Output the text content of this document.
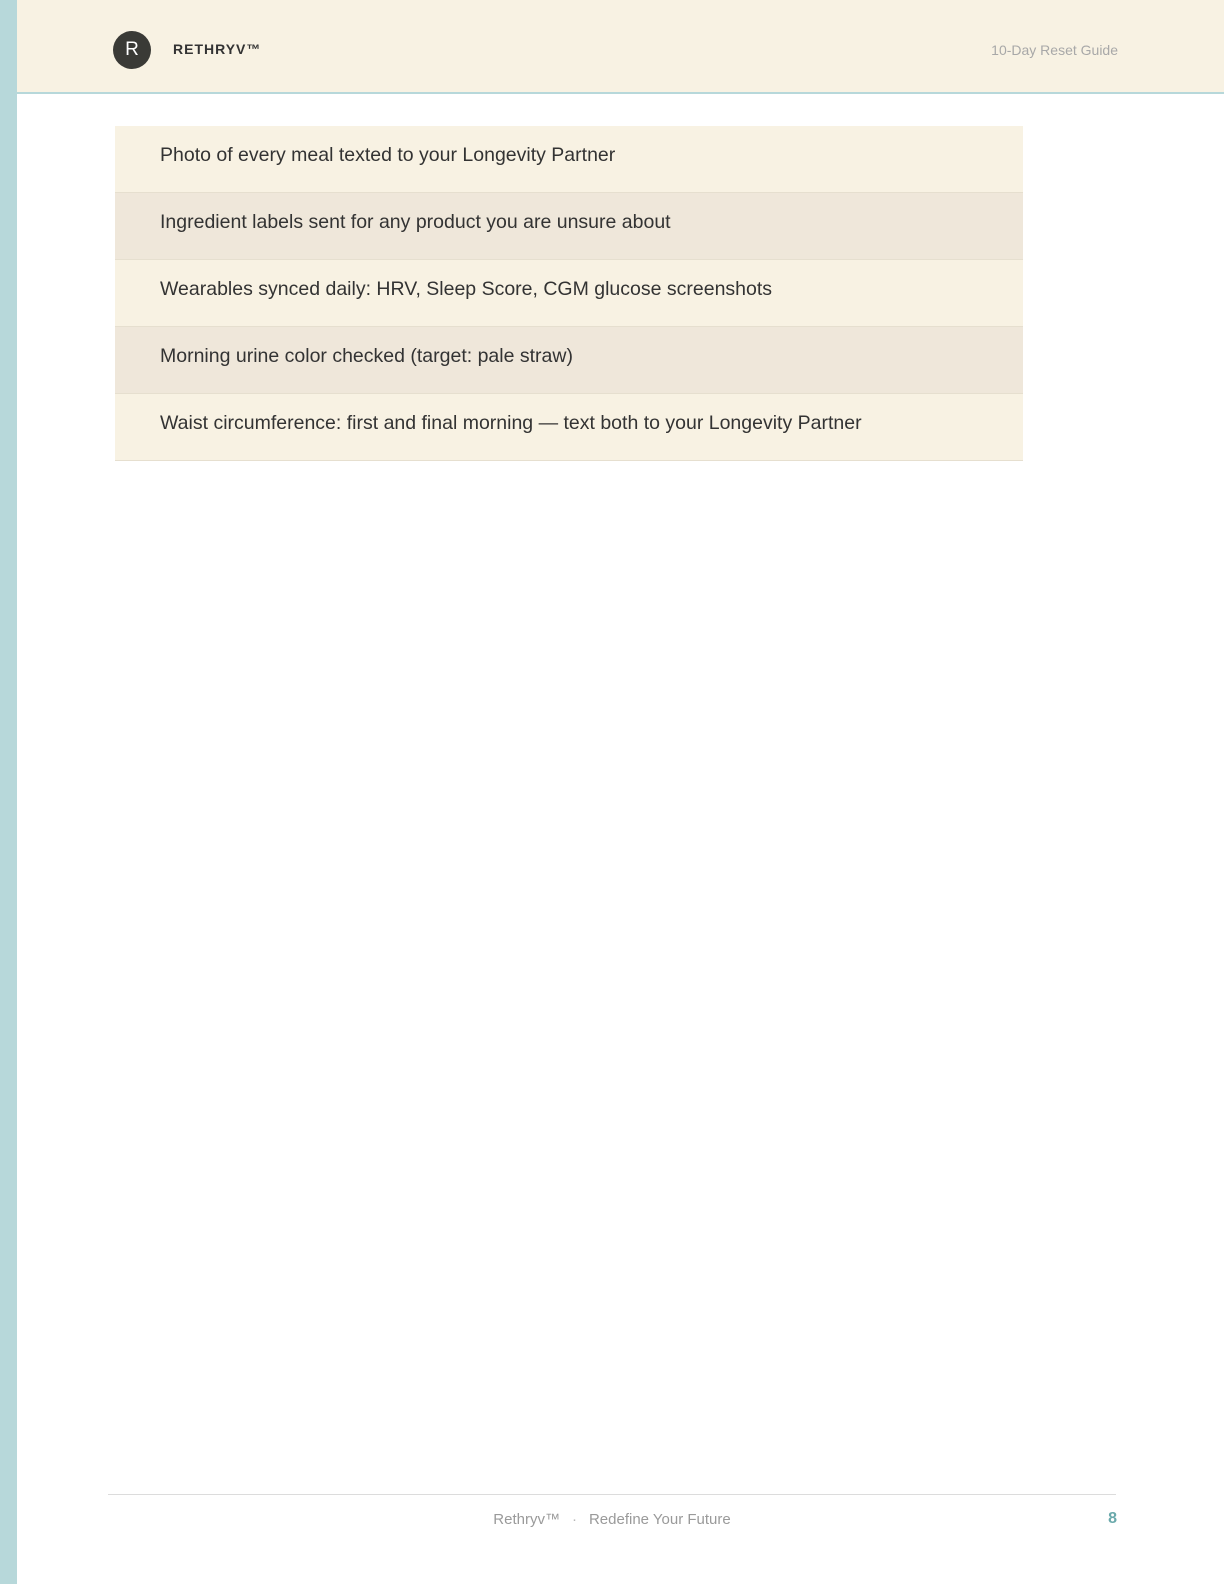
R	RETHRYV™	10-Day Reset Guide
Photo of every meal texted to your Longevity Partner
Ingredient labels sent for any product you are unsure about
Wearables synced daily: HRV, Sleep Score, CGM glucose screenshots
Morning urine color checked (target: pale straw)
Waist circumference: first and final morning — text both to your Longevity Partner
Rethryv™ · Redefine Your Future	8
